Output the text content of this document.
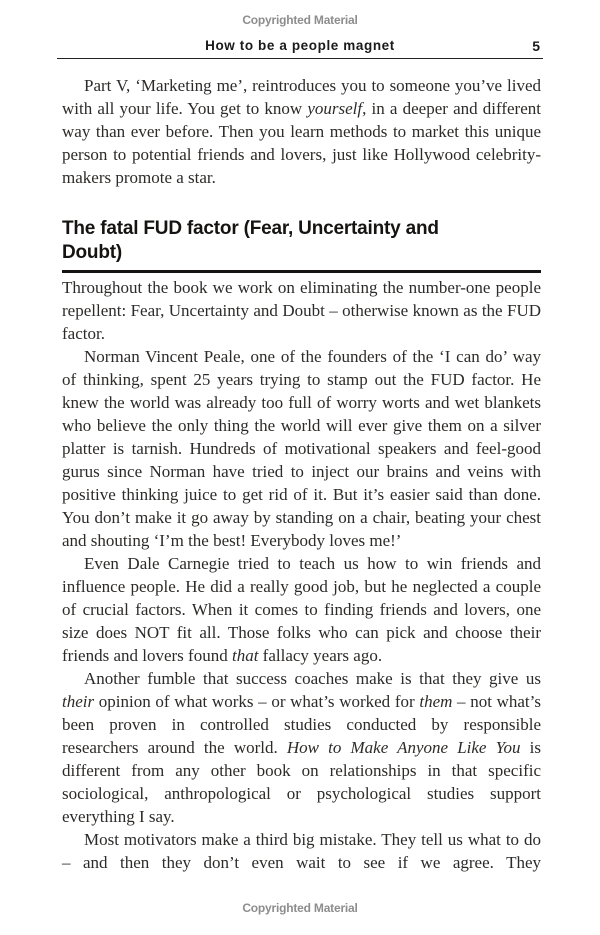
Copyrighted Material
How to be a people magnet	5

Part V, ‘Marketing me’, reintroduces you to someone you’ve lived with all your life. You get to know yourself, in a deeper and different way than ever before. Then you learn methods to market this unique person to potential friends and lovers, just like Hollywood celebrity-makers promote a star.

The fatal FUD factor (Fear, Uncertainty and Doubt)

Throughout the book we work on eliminating the number-one people repellent: Fear, Uncertainty and Doubt – otherwise known as the FUD factor.

Norman Vincent Peale, one of the founders of the ‘I can do’ way of thinking, spent 25 years trying to stamp out the FUD factor. He knew the world was already too full of worry worts and wet blankets who believe the only thing the world will ever give them on a silver platter is tarnish. Hundreds of motivational speakers and feel-good gurus since Norman have tried to inject our brains and veins with positive thinking juice to get rid of it. But it’s easier said than done. You don’t make it go away by standing on a chair, beating your chest and shouting ‘I’m the best! Everybody loves me!’

Even Dale Carnegie tried to teach us how to win friends and influence people. He did a really good job, but he neglected a couple of crucial factors. When it comes to finding friends and lovers, one size does NOT fit all. Those folks who can pick and choose their friends and lovers found that fallacy years ago.

Another fumble that success coaches make is that they give us their opinion of what works – or what’s worked for them – not what’s been proven in controlled studies conducted by responsible researchers around the world. How to Make Anyone Like You is different from any other book on relationships in that specific sociological, anthropological or psychological studies support everything I say.

Most motivators make a third big mistake. They tell us what to do – and then they don’t even wait to see if we agree. They

Copyrighted Material
